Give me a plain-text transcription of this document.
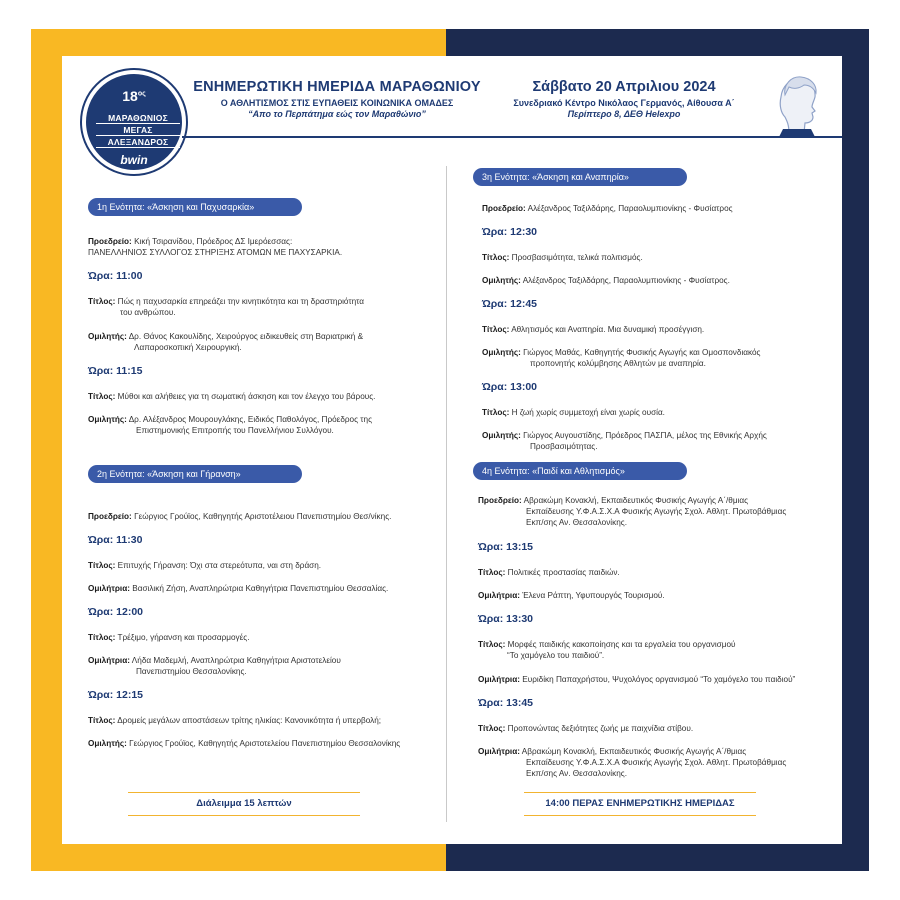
$18^{o\varsigma}$
ΜΑΡΑΘΩΝΙΟΣ
ΜΕΓΑΣ
ΑΛΕΞΑΝΔΡΟΣ
bwin
ΕΝΗΜΕΡΩΤΙΚΗ ΗΜΕΡΙΔΑ ΜΑΡΑΘΩΝΙΟΥ
Ο ΑΘΛΗΤΙΣΜΟΣ ΣΤΙΣ ΕΥΠΑΘΕΙΣ ΚΟΙΝΩΝΙΚΑ ΟΜΑΔΕΣ
“Απο το Περπάτημα εώς τον Μαραθώνιο”
Σάββατο 20 Απριλιου 2024
Συνεδριακό Κέντρο Νικόλαος Γερμανός, Αίθουσα Α΄
Περίπτερο 8, ΔΕΘ Helexpo
1η Ενότητα: «Άσκηση και Παχυσαρκία»
Προεδρείο: Κική Τσιρανίδου, Πρόεδρος ΔΣ Ιμερόεσσας:
ΠΑΝΕΛΛΗΝΙΟΣ ΣΥΛΛΟΓΟΣ ΣΤΗΡΙΞΗΣ ΑΤΟΜΩΝ ΜΕ ΠΑΧΥΣΑΡΚΙΑ.
Ώρα: 11:00
Τίτλος: Πώς η παχυσαρκία επηρεάζει την κινητικότητα και τη δραστηριότητα
του ανθρώπου.
Ομιλητής: Δρ. Θάνος Κακουλίδης, Χειρούργος ειδικευθείς στη Βαριατρική &
Λαπαροσκοπική Χειρουργική.
Ώρα: 11:15
Τίτλος: Μύθοι και αλήθειες για τη σωματική άσκηση και τον έλεγχο του βάρους.
Ομιλητής: Δρ. Αλέξανδρος Μουρουγλάκης, Ειδικός Παθολόγος, Πρόεδρος της
Επιστημονικής Επιτροπής του Πανελλήνιου Συλλόγου.
2η Ενότητα: «Άσκηση και Γήρανση»
Προεδρείο: Γεώργιος Γρούϊος, Καθηγητής Αριστοτέλειου Πανεπιστημίου Θεσ/νίκης.
Ώρα: 11:30
Τίτλος: Επιτυχής Γήρανση: Όχι στα στερεότυπα, ναι στη δράση.
Ομιλήτρια: Βασιλική Ζήση, Αναπληρώτρια Καθηγήτρια Πανεπιστημίου Θεσσαλίας.
Ώρα: 12:00
Τίτλος: Τρέξιμο, γήρανση και προσαρμογές.
Ομιλήτρια: Λήδα Μαδεμλή, Αναπληρώτρια Καθηγήτρια Αριστοτελείου
Πανεπιστημίου Θεσσαλονίκης.
Ώρα: 12:15
Τίτλος: Δρομείς μεγάλων αποστάσεων τρίτης ηλικίας: Κανονικότητα ή υπερβολή;
Ομιλητής: Γεώργιος Γρούϊος, Καθηγητής Αριστοτελείου Πανεπιστημίου Θεσσαλονίκης
Διάλειμμα 15 λεπτών
3η Ενότητα: «Άσκηση και Αναπηρία»
Προεδρείο: Αλέξανδρος Ταξιλδάρης, Παραολυμπιονίκης - Φυσίατρος
Ώρα: 12:30
Τίτλος: Προσβασιμότητα, τελικά πολιτισμός.
Ομιλητής: Αλέξανδρος Ταξιλδάρης, Παραολυμπιονίκης - Φυσίατρος.
Ώρα: 12:45
Τίτλος: Αθλητισμός και Αναπηρία. Μια δυναμική προσέγγιση.
Ομιλητής: Γιώργος Μαθάς, Καθηγητής Φυσικής Αγωγής και Ομοσπονδιακός
προπονητής κολύμβησης Αθλητών με αναπηρία.
Ώρα: 13:00
Τίτλος: Η ζωή χωρίς συμμετοχή είναι χωρίς ουσία.
Ομιλητής: Γιώργος Αυγουστίδης, Πρόεδρος ΠΑΣΠΑ, μέλος της Εθνικής Αρχής
Προσβασιμότητας.
4η Ενότητα: «Παιδί και Αθλητισμός»
Προεδρείο: Αβρακώμη Κονακλή, Εκπαιδευτικός Φυσικής Αγωγής Α΄/θμιας
Εκπαίδευσης Υ.Φ.Α.Σ.Χ.Α Φυσικής Αγωγής Σχολ. Αθλητ. Πρωτοβάθμιας
Εκπ/σης Αν. Θεσσαλονίκης.
Ώρα: 13:15
Τίτλος: Πολιτικές προστασίας παιδιών.
Ομιλήτρια: Έλενα Ράπτη, Υφυπουργός Τουρισμού.
Ώρα: 13:30
Τίτλος: Μορφές παιδικής κακοποίησης και τα εργαλεία του οργανισμού
“Το χαμόγελο του παιδιού”.
Ομιλήτρια: Ευριδίκη Παπαχρήστου, Ψυχολόγος οργανισμού “Το χαμόγελο του παιδιού”
Ώρα: 13:45
Τίτλος: Προπονώντας δεξιότητες ζωής με παιχνίδια στίβου.
Ομιλήτρια: Αβρακώμη Κονακλή, Εκπαιδευτικός Φυσικής Αγωγής Α΄/θμιας
Εκπαίδευσης Υ.Φ.Α.Σ.Χ.Α Φυσικής Αγωγής Σχολ. Αθλητ. Πρωτοβάθμιας
Εκπ/σης Αν. Θεσσαλονίκης.
14:00 ΠΕΡΑΣ ΕΝΗΜΕΡΩΤΙΚΗΣ ΗΜΕΡΙΔΑΣ
